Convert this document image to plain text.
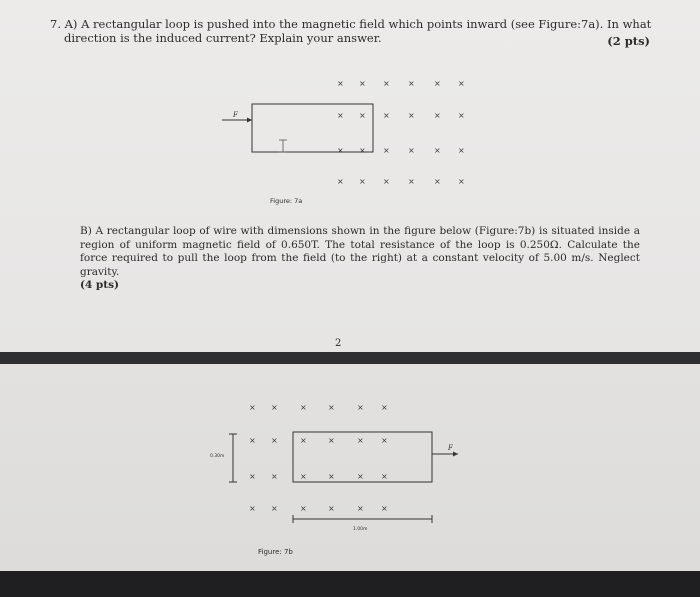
7. A) A rectangular loop is pushed into the magnetic field which points inward (see Figure:7a). In what
direction is the induced current? Explain your answer.	(2 pts)
× × × × × ×
× × × × × ×
× × × × × ×
× × × × × ×
F
Figure: 7a
B) A rectangular loop of wire with dimensions shown in the figure below (Figure:7b) is situated inside a region of uniform magnetic field of 0.650T. The total resistance of the loop is 0.250Ω. Calculate the force required to pull the loop from the field (to the right) at a constant velocity of 5.00 m/s. Neglect gravity.
(4 pts)
2
× ×	×	×	× ×
× ×	×	×	× ×
× ×	×	×	× ×
× ×	×	×	× ×
F
0.30m
1.00m
Figure: 7b
